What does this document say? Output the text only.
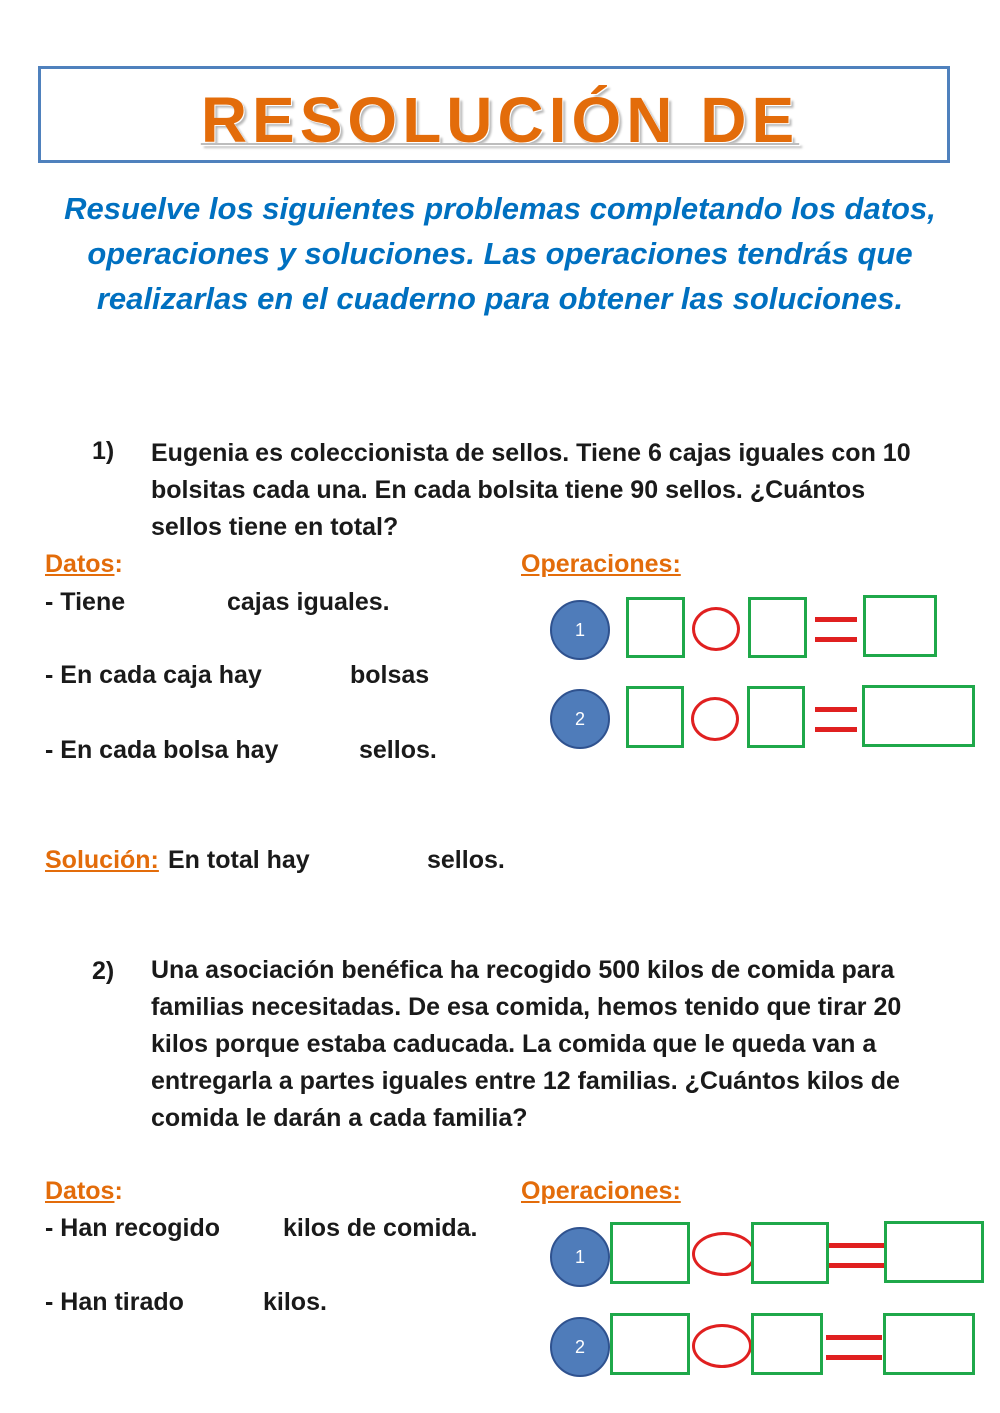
RESOLUCIÓN DE
Resuelve los siguientes problemas completando los datos, operaciones y soluciones. Las operaciones tendrás que realizarlas en el cuaderno para obtener las soluciones.
1) Eugenia es coleccionista de sellos. Tiene 6 cajas iguales con 10 bolsitas cada una. En cada bolsita tiene 90 sellos. ¿Cuántos sellos tiene en total?
Datos:	Operaciones:
- Tiene	cajas iguales.
- En cada caja hay	bolsas
- En cada bolsa hay	sellos.
1
2
Solución: En total hay	sellos.
2) Una asociación benéfica ha recogido 500 kilos de comida para familias necesitadas. De esa comida, hemos tenido que tirar 20 kilos porque estaba caducada. La comida que le queda van a entregarla a partes iguales entre 12 familias. ¿Cuántos kilos de comida le darán a cada familia?
Datos:	Operaciones:
- Han recogido	kilos de comida.
- Han tirado	kilos.
1
2
